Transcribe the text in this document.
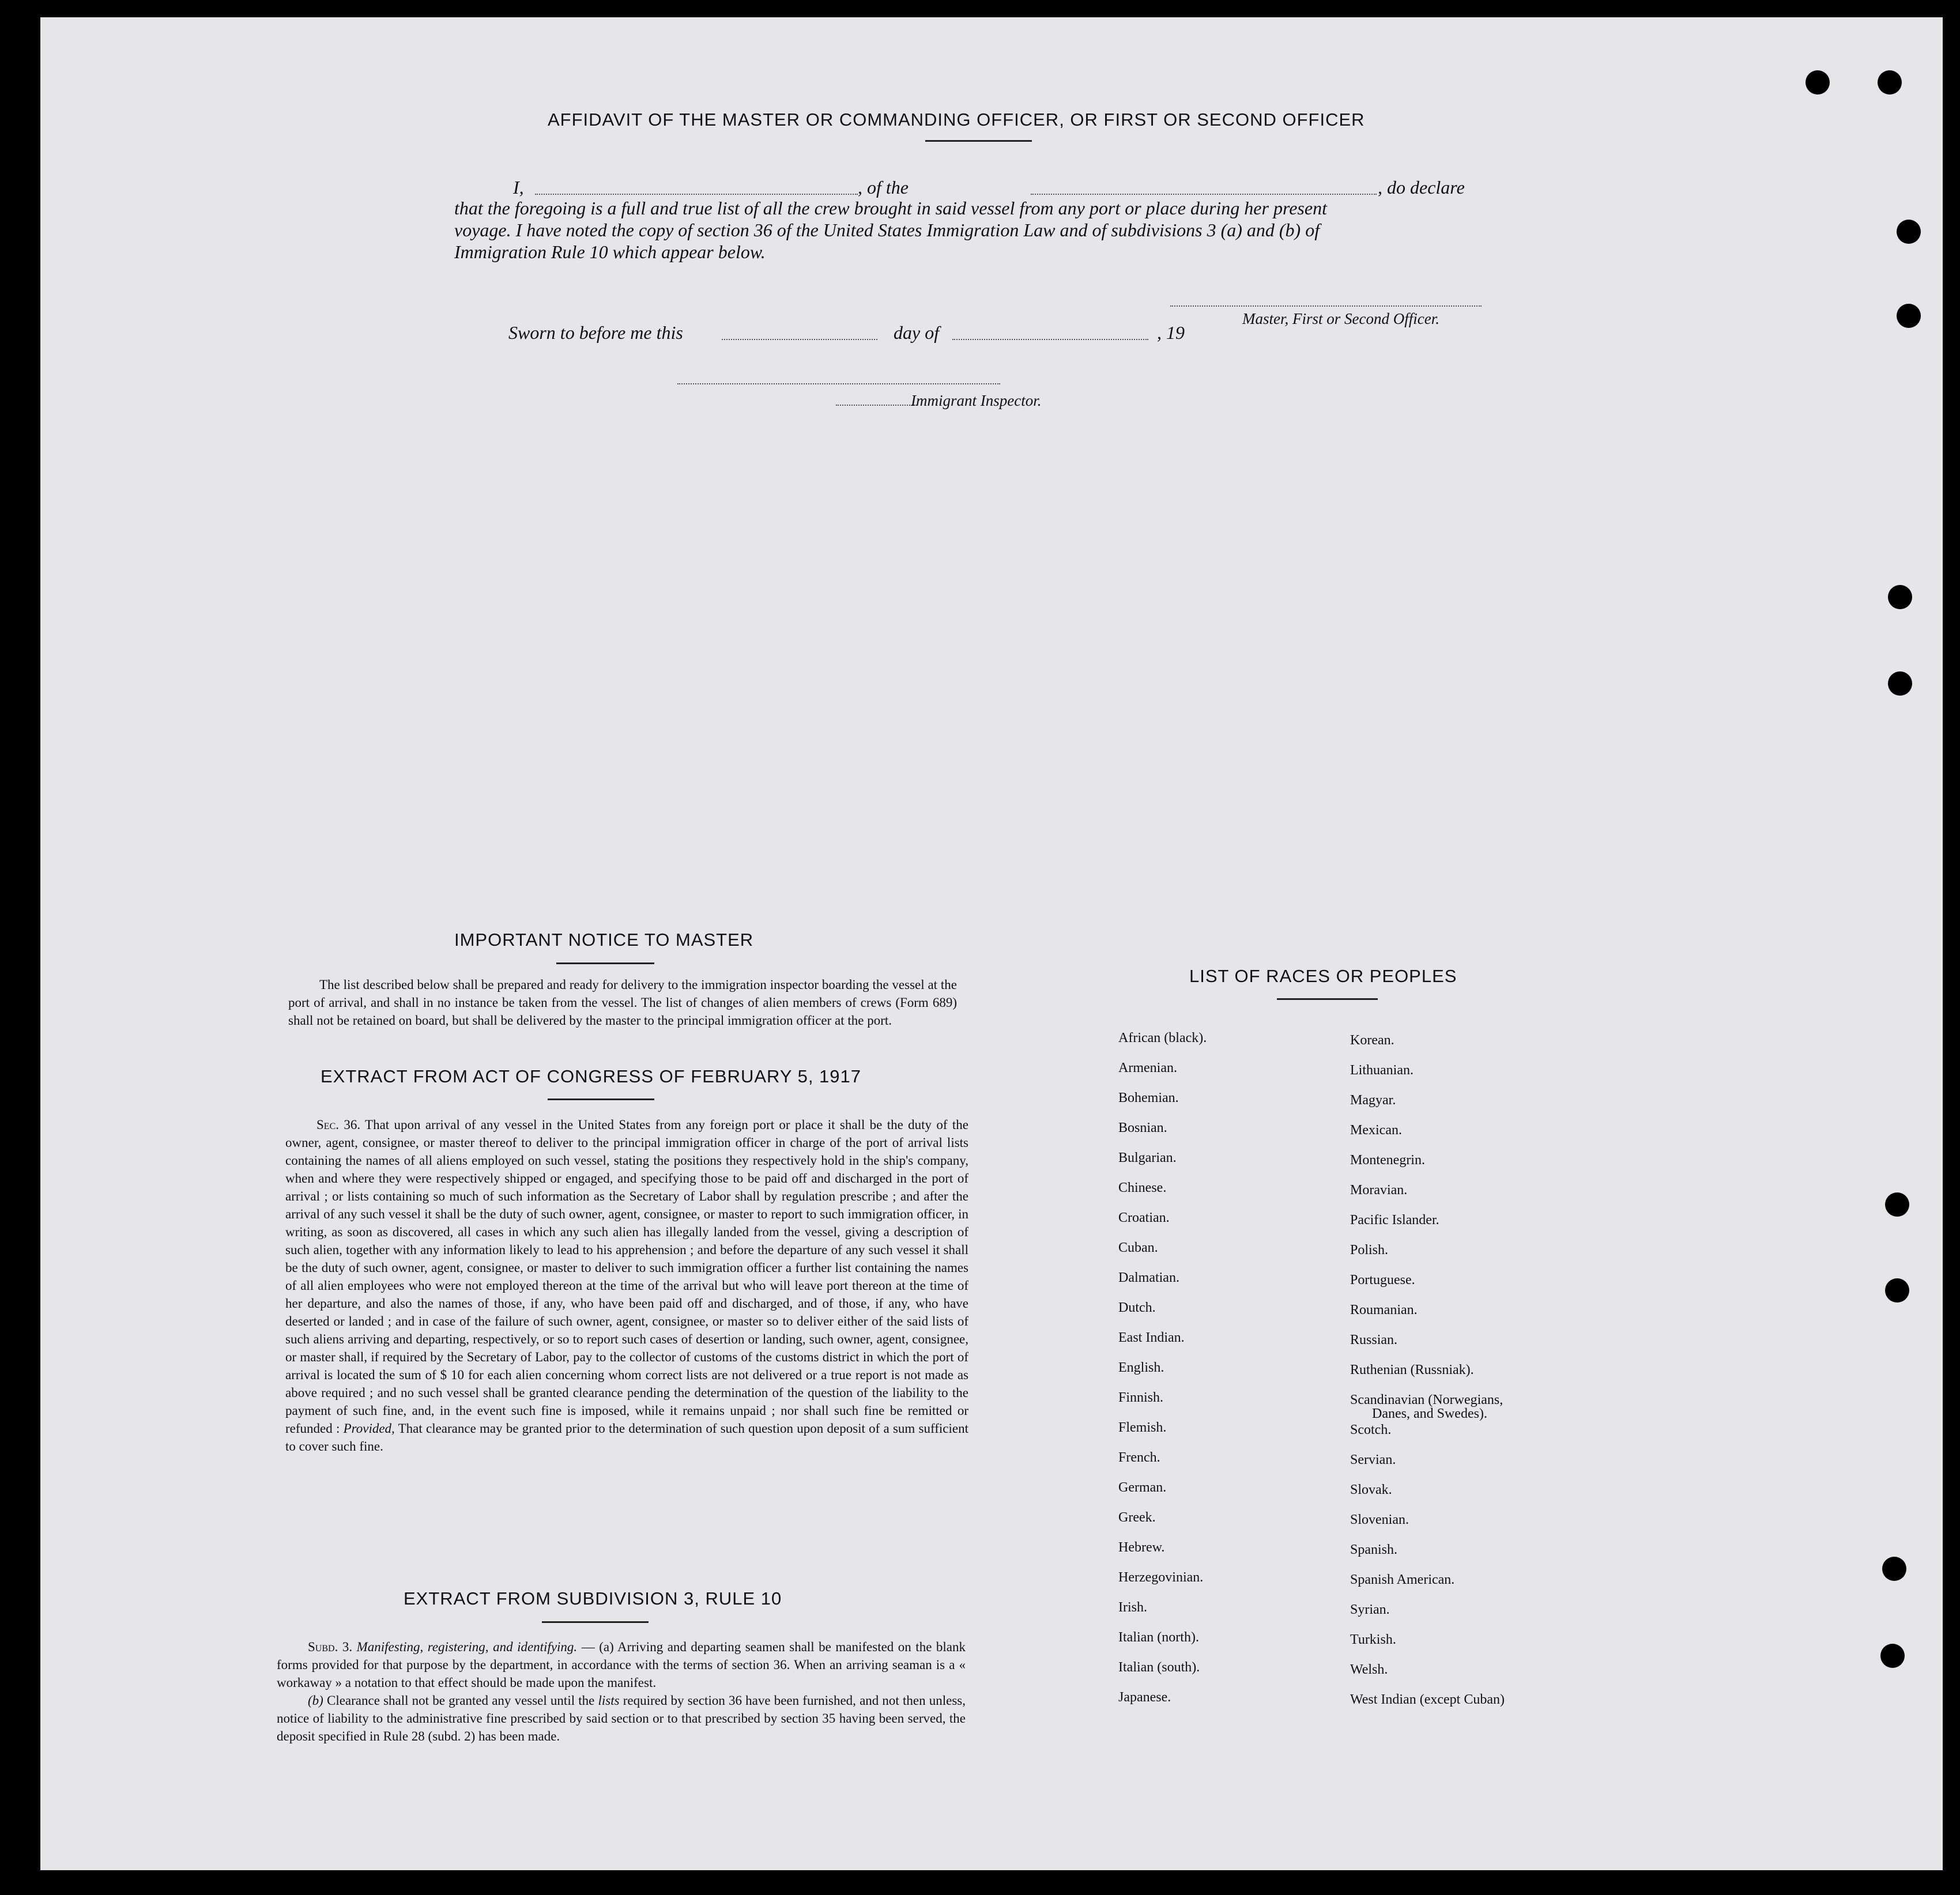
AFFIDAVIT OF THE MASTER OR COMMANDING OFFICER, OR FIRST OR SECOND OFFICER
I,	, of the	, do declare
that the foregoing is a full and true list of all the crew brought in said vessel from any port or place during her present
voyage. I have noted the copy of section 36 of the United States Immigration Law and of subdivisions 3 (a) and (b) of
Immigration Rule 10 which appear below.
Master, First or Second Officer.
Sworn to before me this	day of	, 19
Immigrant Inspector.
IMPORTANT NOTICE TO MASTER
The list described below shall be prepared and ready for delivery to the immigration inspector boarding the vessel at the port of arrival, and shall in no instance be taken from the vessel. The list of changes of alien members of crews (Form 689) shall not be retained on board, but shall be delivered by the master to the principal immigration officer at the port.
EXTRACT FROM ACT OF CONGRESS OF FEBRUARY 5, 1917
Sec. 36. That upon arrival of any vessel in the United States from any foreign port or place it shall be the duty of the owner, agent, consignee, or master thereof to deliver to the principal immigration officer in charge of the port of arrival lists containing the names of all aliens employed on such vessel, stating the positions they respectively hold in the ship's company, when and where they were respectively shipped or engaged, and specifying those to be paid off and discharged in the port of arrival ; or lists containing so much of such information as the Secretary of Labor shall by regulation prescribe ; and after the arrival of any such vessel it shall be the duty of such owner, agent, consignee, or master to report to such immigration officer, in writing, as soon as discovered, all cases in which any such alien has illegally landed from the vessel, giving a description of such alien, together with any information likely to lead to his apprehension ; and before the departure of any such vessel it shall be the duty of such owner, agent, consignee, or master to deliver to such immigration officer a further list containing the names of all alien employees who were not employed thereon at the time of the arrival but who will leave port thereon at the time of her departure, and also the names of those, if any, who have been paid off and discharged, and of those, if any, who have deserted or landed ; and in case of the failure of such owner, agent, consignee, or master so to deliver either of the said lists of such aliens arriving and departing, respectively, or so to report such cases of desertion or landing, such owner, agent, consignee, or master shall, if required by the Secretary of Labor, pay to the collector of customs of the customs district in which the port of arrival is located the sum of $ 10 for each alien concerning whom correct lists are not delivered or a true report is not made as above required ; and no such vessel shall be granted clearance pending the determination of the question of the liability to the payment of such fine, and, in the event such fine is imposed, while it remains unpaid ; nor shall such fine be remitted or refunded : Provided, That clearance may be granted prior to the determination of such question upon deposit of a sum sufficient to cover such fine.
EXTRACT FROM SUBDIVISION 3, RULE 10
Subd. 3. Manifesting, registering, and identifying. — (a) Arriving and departing seamen shall be manifested on the blank forms provided for that purpose by the department, in accordance with the terms of section 36. When an arriving seaman is a « workaway » a notation to that effect should be made upon the manifest.
(b) Clearance shall not be granted any vessel until the lists required by section 36 have been furnished, and not then unless, notice of liability to the administrative fine prescribed by said section or to that prescribed by section 35 having been served, the deposit specified in Rule 28 (subd. 2) has been made.
LIST OF RACES OR PEOPLES
African (black).
Armenian.
Bohemian.
Bosnian.
Bulgarian.
Chinese.
Croatian.
Cuban.
Dalmatian.
Dutch.
East Indian.
English.
Finnish.
Flemish.
French.
German.
Greek.
Hebrew.
Herzegovinian.
Irish.
Italian (north).
Italian (south).
Japanese.
Korean.
Lithuanian.
Magyar.
Mexican.
Montenegrin.
Moravian.
Pacific Islander.
Polish.
Portuguese.
Roumanian.
Russian.
Ruthenian (Russniak).
Scandinavian (Norwegians,
Scotch.
Servian.
Slovak.
Slovenian.
Spanish.
Spanish American.
Syrian.
Turkish.
Welsh.
West Indian (except Cuban)
Danes, and Swedes).
